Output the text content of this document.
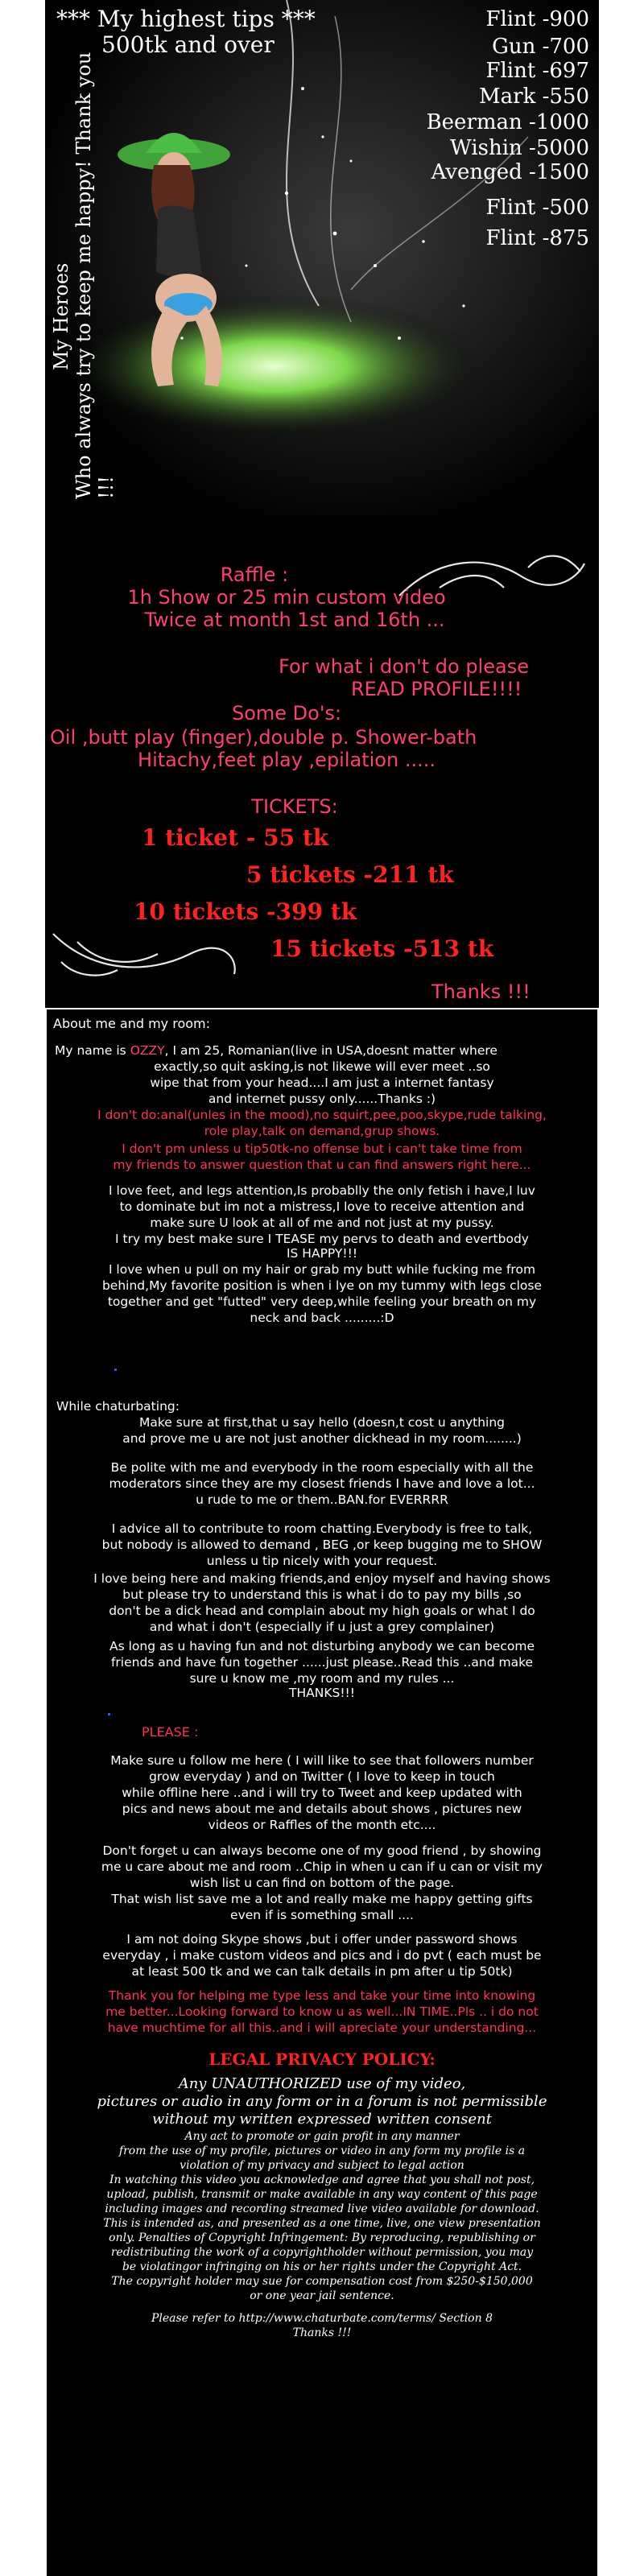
*** My highest tips ***
500tk and over
My Heroes Who always try to keep me happy! Thank you !!!
Flint -900
Gun -700
Flint -697
Mark -550
Beerman -1000
Wishin -5000
Avenged -1500
Flint -500
Flint -875
Raffle :
1h Show or 25 min custom video
Twice at month 1st and 16th ...
For what i don't do please
READ PROFILE!!!!
Some Do's:
Oil ,butt play (finger),double p. Shower-bath
Hitachy,feet play ,epilation .....
TICKETS:
1 ticket - 55 tk
5 tickets -211 tk
10 tickets -399 tk
15 tickets -513 tk
Thanks !!!
About me and my room:
My name is OZZY, I am 25, Romanian(live in USA,doesnt matter where
exactly,so quit asking,is not likewe will ever meet ..so
wipe that from your head....I am just a internet fantasy
and internet pussy only......Thanks :)
I don't do:anal(unles in the mood),no squirt,pee,poo,skype,rude talking,
role play,talk on demand,grup shows.
I don't pm unless u tip50tk-no offense but i can't take time from
my friends to answer question that u can find answers right here...
I love feet, and legs attention,Is probablly the only fetish i have,I luv
to dominate but im not a mistress,I love to receive attention and
make sure U look at all of me and not just at my pussy.
I try my best make sure I TEASE my pervs to death and evertbody
IS HAPPY!!!
I love when u pull on my hair or grab my butt while fucking me from
behind,My favorite position is when i lye on my tummy with legs close
together and get "futted" very deep,while feeling your breath on my
neck and back .........:D
While chaturbating:
Make sure at first,that u say hello (doesn,t cost u anything
and prove me u are not just another dickhead in my room........)
Be polite with me and everybody in the room especially with all the
moderators since they are my closest friends I have and love a lot...
u rude to me or them..BAN.for EVERRRR
I advice all to contribute to room chatting.Everybody is free to talk,
but nobody is allowed to demand , BEG ,or keep bugging me to SHOW
unless u tip nicely with your request.
I love being here and making friends,and enjoy myself and having shows
but please try to understand this is what i do to pay my bills ,so
don't be a dick head and complain about my high goals or what I do
and what i don't (especially if u just a grey complainer)
As long as u having fun and not disturbing anybody we can become
friends and have fun together ......just please..Read this ..and make
sure u know me ,my room and my rules ...
THANKS!!!
PLEASE :
Make sure u follow me here ( I will like to see that followers number
grow everyday ) and on Twitter ( I love to keep in touch
while offline here ..and i will try to Tweet and keep updated with
pics and news about me and details about shows , pictures new
videos or Raffles of the month etc....
Don't forget u can always become one of my good friend , by showing
me u care about me and room ..Chip in when u can if u can or visit my
wish list u can find on bottom of the page.
That wish list save me a lot and really make me happy getting gifts
even if is something small ....
I am not doing Skype shows ,but i offer under password shows
everyday , i make custom videos and pics and i do pvt ( each must be
at least 500 tk and we can talk details in pm after u tip 50tk)
Thank you for helping me type less and take your time into knowing
me better...Looking forward to know u as well...IN TIME..Pls .. i do not
have muchtime for all this..and i will apreciate your understanding...
LEGAL PRIVACY POLICY:
Any UNAUTHORIZED use of my video,
pictures or audio in any form or in a forum is not permissible
without my written expressed written consent
Any act to promote or gain profit in any manner
from the use of my profile, pictures or video in any form my profile is a
violation of my privacy and subject to legal action
In watching this video you acknowledge and agree that you shall not post,
upload, publish, transmit or make available in any way content of this page
including images and recording streamed live video available for download.
This is intended as, and presented as a one time, live, one view presentation
only. Penalties of Copyright Infringement: By reproducing, republishing or
redistributing the work of a copyrightholder without permission, you may
be violatingor infringing on his or her rights under the Copyright Act.
The copyright holder may sue for compensation cost from $250-$150,000
or one year jail sentence.
Please refer to http://www.chaturbate.com/terms/ Section 8
Thanks !!!
